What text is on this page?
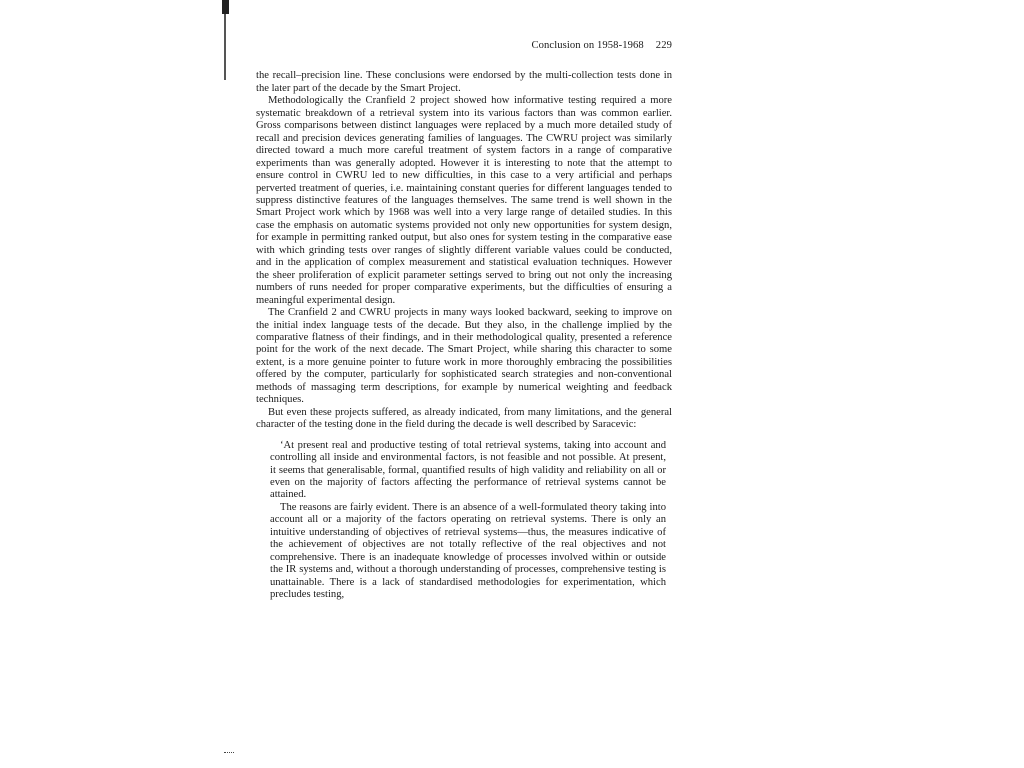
Conclusion on 1958-1968 229

the recall–precision line. These conclusions were endorsed by the multi-collection tests done in the later part of the decade by the Smart Project.

Methodologically the Cranfield 2 project showed how informative testing required a more systematic breakdown of a retrieval system into its various factors than was common earlier. Gross comparisons between distinct languages were replaced by a much more detailed study of recall and precision devices generating families of languages. The CWRU project was similarly directed toward a much more careful treatment of system factors in a range of comparative experiments than was generally adopted. However it is interesting to note that the attempt to ensure control in CWRU led to new difficulties, in this case to a very artificial and perhaps perverted treatment of queries, i.e. maintaining constant queries for different languages tended to suppress distinctive features of the languages themselves. The same trend is well shown in the Smart Project work which by 1968 was well into a very large range of detailed studies. In this case the emphasis on automatic systems provided not only new opportunities for system design, for example in permitting ranked output, but also ones for system testing in the comparative ease with which grinding tests over ranges of slightly different variable values could be conducted, and in the application of complex measurement and statistical evaluation techniques. However the sheer proliferation of explicit parameter settings served to bring out not only the increasing numbers of runs needed for proper comparative experiments, but the difficulties of ensuring a meaningful experimental design.

The Cranfield 2 and CWRU projects in many ways looked backward, seeking to improve on the initial index language tests of the decade. But they also, in the challenge implied by the comparative flatness of their findings, and in their methodological quality, presented a reference point for the work of the next decade. The Smart Project, while sharing this character to some extent, is a more genuine pointer to future work in more thoroughly embracing the possibilities offered by the computer, particularly for sophisticated search strategies and non-conventional methods of massaging term descriptions, for example by numerical weighting and feedback techniques.

But even these projects suffered, as already indicated, from many limitations, and the general character of the testing done in the field during the decade is well described by Saracevic:

‘At present real and productive testing of total retrieval systems, taking into account and controlling all inside and environmental factors, is not feasible and not possible. At present, it seems that generalisable, formal, quantified results of high validity and reliability on all or even on the majority of factors affecting the performance of retrieval systems cannot be attained.

The reasons are fairly evident. There is an absence of a well-formulated theory taking into account all or a majority of the factors operating on retrieval systems. There is only an intuitive understanding of objectives of retrieval systems—thus, the measures indicative of the achievement of objectives are not totally reflective of the real objectives and not comprehensive. There is an inadequate knowledge of processes involved within or outside the IR systems and, without a thorough understanding of processes, comprehensive testing is unattainable. There is a lack of standardised methodologies for experimentation, which precludes testing,
